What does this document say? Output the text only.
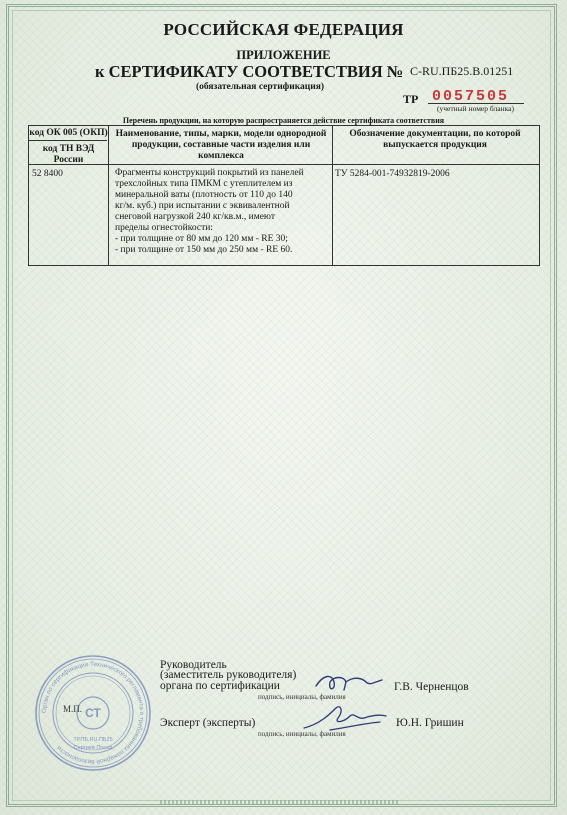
РОССИЙСКАЯ ФЕДЕРАЦИЯ
ПРИЛОЖЕНИЕ
к СЕРТИФИКАТУ СООТВЕТСТВИЯ № C-RU.ПБ25.В.01251
(обязательная сертификация)
ТР 0057505
(учетный номер бланка)
Перечень продукции, на которую распространяется действие сертификата соответствия
код ОК 005 (ОКП)
код ТН ВЭД России
Наименование, типы, марки, модели однородной продукции, составные части изделия или комплекса
Обозначение документации, по которой выпускается продукция
52 8400	Фрагменты конструкций покрытий из панелей
трехслойных типа ПМКМ с утеплителем из
минеральной ваты (плотность от 110 до 140
кг/м. куб.) при испытании с эквивалентной
снеговой нагрузкой 240 кг/кв.м., имеют
пределы огнестойкости:
- при толщине от 80 мм до 120 мм - RE 30;
- при толщине от 150 мм до 250 мм - RE 60.
ТУ 5284-001-74932819-2006
Руководитель
(заместитель руководителя)
органа по сертификации
подпись, инициалы, фамилия
Г.В. Черненцов
Эксперт (эксперты)
подпись, инициалы, фамилия
Ю.Н. Гришин
Орган по сертификации Технического регламента о требованиях пожарной безопасности
СТ
ТРПБ.RU.ПБ25
Сергиев Посад
М.П.
